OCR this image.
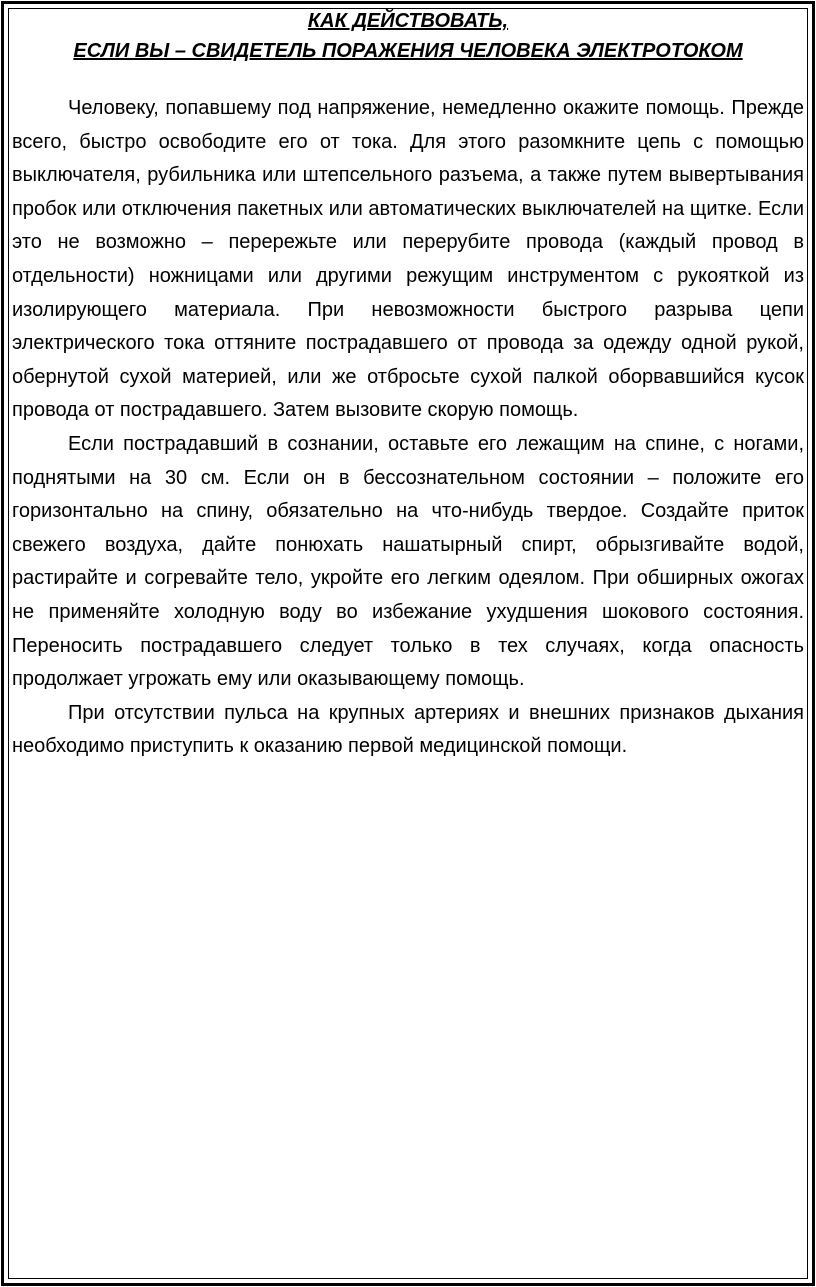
КАК ДЕЙСТВОВАТЬ,
ЕСЛИ ВЫ – СВИДЕТЕЛЬ ПОРАЖЕНИЯ ЧЕЛОВЕКА ЭЛЕКТРОТОКОМ

Человеку, попавшему под напряжение, немедленно окажите помощь. Прежде всего, быстро освободите его от тока. Для этого разомкните цепь с помощью выключателя, рубильника или штепсельного разъема, а также путем вывертывания пробок или отключения пакетных или автоматических выключателей на щитке. Если это не возможно – перережьте или перерубите провода (каждый провод в отдельности) ножницами или другими режущим инструментом с рукояткой из изолирующего материала. При невозможности быстрого разрыва цепи электрического тока оттяните пострадавшего от провода за одежду одной рукой, обернутой сухой материей, или же отбросьте сухой палкой оборвавшийся кусок провода от пострадавшего. Затем вызовите скорую помощь.

Если пострадавший в сознании, оставьте его лежащим на спине, с ногами, поднятыми на 30 см. Если он в бессознательном состоянии – положите его горизонтально на спину, обязательно на что-нибудь твердое. Создайте приток свежего воздуха, дайте понюхать нашатырный спирт, обрызгивайте водой, растирайте и согревайте тело, укройте его легким одеялом. При обширных ожогах не применяйте холодную воду во избежание ухудшения шокового состояния. Переносить пострадавшего следует только в тех случаях, когда опасность продолжает угрожать ему или оказывающему помощь.

При отсутствии пульса на крупных артериях и внешних признаков дыхания необходимо приступить к оказанию первой медицинской помощи.
